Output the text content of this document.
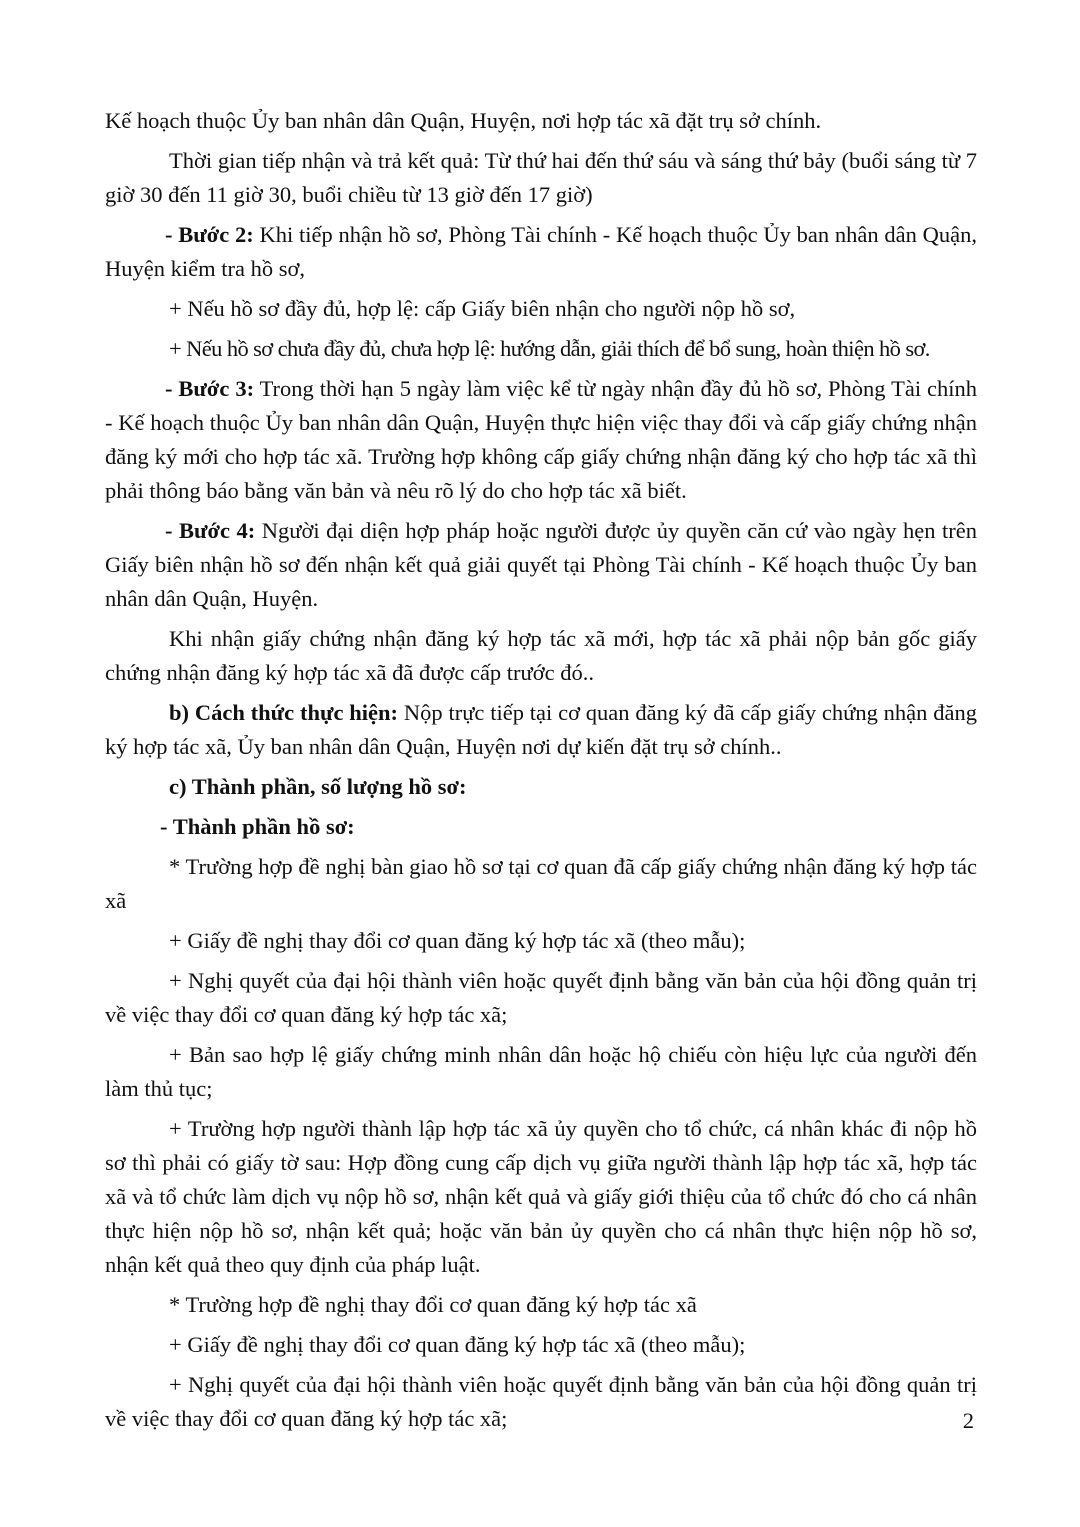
Kế hoạch thuộc Ủy ban nhân dân Quận, Huyện, nơi hợp tác xã đặt trụ sở chính.

Thời gian tiếp nhận và trả kết quả: Từ thứ hai đến thứ sáu và sáng thứ bảy (buổi sáng từ 7 giờ 30 đến 11 giờ 30, buổi chiều từ 13 giờ đến 17 giờ)

- Bước 2: Khi tiếp nhận hồ sơ, Phòng Tài chính - Kế hoạch thuộc Ủy ban nhân dân Quận, Huyện kiểm tra hồ sơ,

+ Nếu hồ sơ đầy đủ, hợp lệ: cấp Giấy biên nhận cho người nộp hồ sơ,

+ Nếu hồ sơ chưa đầy đủ, chưa hợp lệ: hướng dẫn, giải thích để bổ sung, hoàn thiện hồ sơ.

- Bước 3: Trong thời hạn 5 ngày làm việc kể từ ngày nhận đầy đủ hồ sơ, Phòng Tài chính - Kế hoạch thuộc Ủy ban nhân dân Quận, Huyện thực hiện việc thay đổi và cấp giấy chứng nhận đăng ký mới cho hợp tác xã. Trường hợp không cấp giấy chứng nhận đăng ký cho hợp tác xã thì phải thông báo bằng văn bản và nêu rõ lý do cho hợp tác xã biết.

- Bước 4: Người đại diện hợp pháp hoặc người được ủy quyền căn cứ vào ngày hẹn trên Giấy biên nhận hồ sơ đến nhận kết quả giải quyết tại Phòng Tài chính - Kế hoạch thuộc Ủy ban nhân dân Quận, Huyện.

Khi nhận giấy chứng nhận đăng ký hợp tác xã mới, hợp tác xã phải nộp bản gốc giấy chứng nhận đăng ký hợp tác xã đã được cấp trước đó..

b) Cách thức thực hiện: Nộp trực tiếp tại cơ quan đăng ký đã cấp giấy chứng nhận đăng ký hợp tác xã, Ủy ban nhân dân Quận, Huyện nơi dự kiến đặt trụ sở chính..

c) Thành phần, số lượng hồ sơ:

- Thành phần hồ sơ:

* Trường hợp đề nghị bàn giao hồ sơ tại cơ quan đã cấp giấy chứng nhận đăng ký hợp tác xã

+ Giấy đề nghị thay đổi cơ quan đăng ký hợp tác xã (theo mẫu);

+ Nghị quyết của đại hội thành viên hoặc quyết định bằng văn bản của hội đồng quản trị về việc thay đổi cơ quan đăng ký hợp tác xã;

+ Bản sao hợp lệ giấy chứng minh nhân dân hoặc hộ chiếu còn hiệu lực của người đến làm thủ tục;

+ Trường hợp người thành lập hợp tác xã ủy quyền cho tổ chức, cá nhân khác đi nộp hồ sơ thì phải có giấy tờ sau: Hợp đồng cung cấp dịch vụ giữa người thành lập hợp tác xã, hợp tác xã và tổ chức làm dịch vụ nộp hồ sơ, nhận kết quả và giấy giới thiệu của tổ chức đó cho cá nhân thực hiện nộp hồ sơ, nhận kết quả; hoặc văn bản ủy quyền cho cá nhân thực hiện nộp hồ sơ, nhận kết quả theo quy định của pháp luật.

* Trường hợp đề nghị thay đổi cơ quan đăng ký hợp tác xã

+ Giấy đề nghị thay đổi cơ quan đăng ký hợp tác xã (theo mẫu);

+ Nghị quyết của đại hội thành viên hoặc quyết định bằng văn bản của hội đồng quản trị về việc thay đổi cơ quan đăng ký hợp tác xã;	2
